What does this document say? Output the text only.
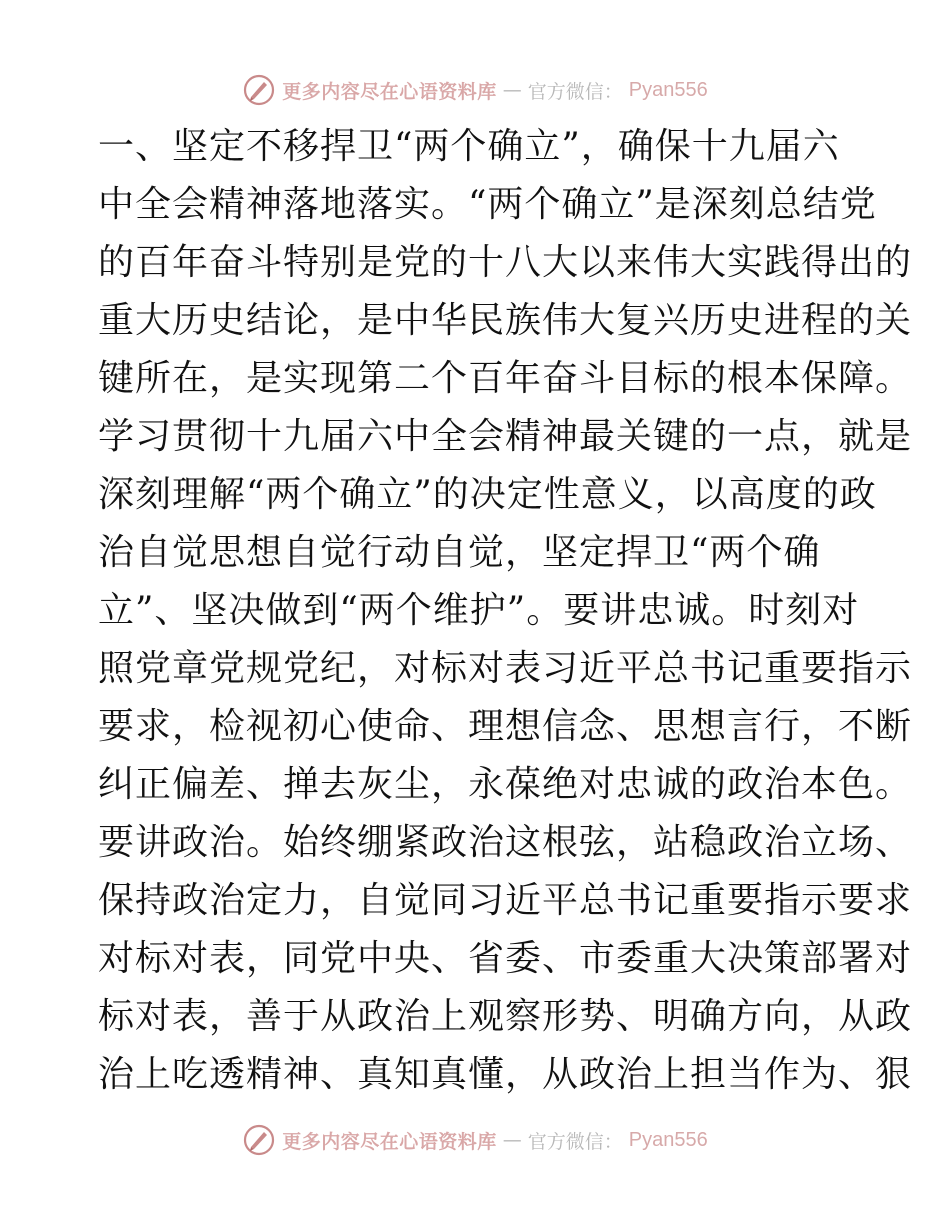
更多内容尽在心语资料库 — 官方微信： Pyan556
一、坚定不移捍卫“两个确立”，确保十九届六
中全会精神落地落实。“两个确立”是深刻总结党
的百年奋斗特别是党的十八大以来伟大实践得出的
重大历史结论，是中华民族伟大复兴历史进程的关
键所在，是实现第二个百年奋斗目标的根本保障。
学习贯彻十九届六中全会精神最关键的一点，就是
深刻理解“两个确立”的决定性意义，以高度的政
治自觉思想自觉行动自觉，坚定捍卫“两个确
立”、坚决做到“两个维护”。要讲忠诚。时刻对
照党章党规党纪，对标对表习近平总书记重要指示
要求，检视初心使命、理想信念、思想言行，不断
纠正偏差、掸去灰尘，永葆绝对忠诚的政治本色。
要讲政治。始终绷紧政治这根弦，站稳政治立场、
保持政治定力，自觉同习近平总书记重要指示要求
对标对表，同党中央、省委、市委重大决策部署对
标对表，善于从政治上观察形势、明确方向，从政
治上吃透精神、真知真懂，从政治上担当作为、狠
更多内容尽在心语资料库 — 官方微信： Pyan556
